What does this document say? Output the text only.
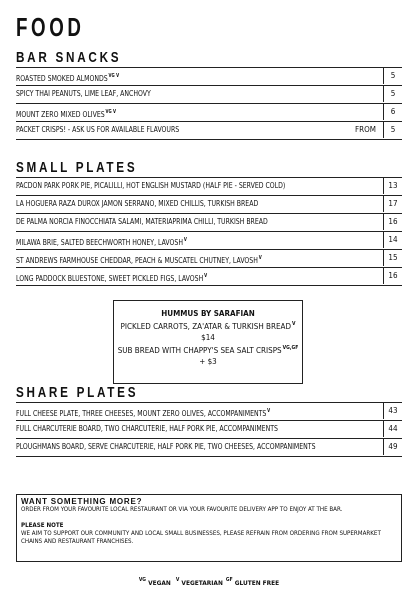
FOOD
BAR SNACKS
ROASTED SMOKED $ALMONDS^{VG V}$	5
SPICY THAI PEANUTS, LIME LEAF, ANCHOVY	5
MOUNT ZERO MIXED $OLIVES^{VG V}$	6
PACKET CRISPS! - ASK US FOR AVAILABLE FLAVOURS	FROM	5
SMALL PLATES
PACDON PARK PORK PIE, PICALILLI, HOT ENGLISH MUSTARD (HALF PIE - SERVED COLD)	13
LA HOGUERA RAZA DUROX JAMON SERRANO, MIXED CHILLIS, TURKISH BREAD	17
DE PALMA NORCIA FINOCCHIATA SALAMI, MATERIAPRIMA CHILLI, TURKISH BREAD	16
MILAWA BRIE, SALTED BEECHWORTH HONEY, $LAVOSH^V$	14
ST ANDREWS FARMHOUSE CHEDDAR, PEACH & MUSCATEL CHUTNEY, $LAVOSH^V$	15
LONG PADDOCK BLUESTONE, SWEET PICKLED FIGS, $LAVOSH^V$	16
HUMMUS BY SARAFIAN
PICKLED CARROTS, ZA'ATAR & TURKISH $BREAD^V$
$14
SUB BREAD WITH CHAPPY'S SEA SALT $CRISPS^{VG,GF}$
+ $3
SHARE PLATES
FULL CHEESE PLATE, THREE CHEESES, MOUNT ZERO OLIVES, $ACCOMPANIMENTS^V$	43
FULL CHARCUTERIE BOARD, TWO CHARCUTERIE, HALF PORK PIE, ACCOMPANIMENTS	44
PLOUGHMANS BOARD, SERVE CHARCUTERIE, HALF PORK PIE, TWO CHEESES, ACCOMPANIMENTS	49
WANT SOMETHING MORE?
ORDER FROM YOUR FAVOURITE LOCAL RESTAURANT OR VIA YOUR FAVOURITE DELIVERY APP TO ENJOY AT THE BAR.
PLEASE NOTE
WE AIM TO SUPPORT OUR COMMUNITY AND LOCAL SMALL BUSINESSES, PLEASE REFRAIN FROM ORDERING FROM SUPERMARKET CHAINS AND RESTAURANT FRANCHISES.
$^{VG}$ VEGAN $^V$ VEGETARIAN $^{GF}$ GLUTEN FREE
